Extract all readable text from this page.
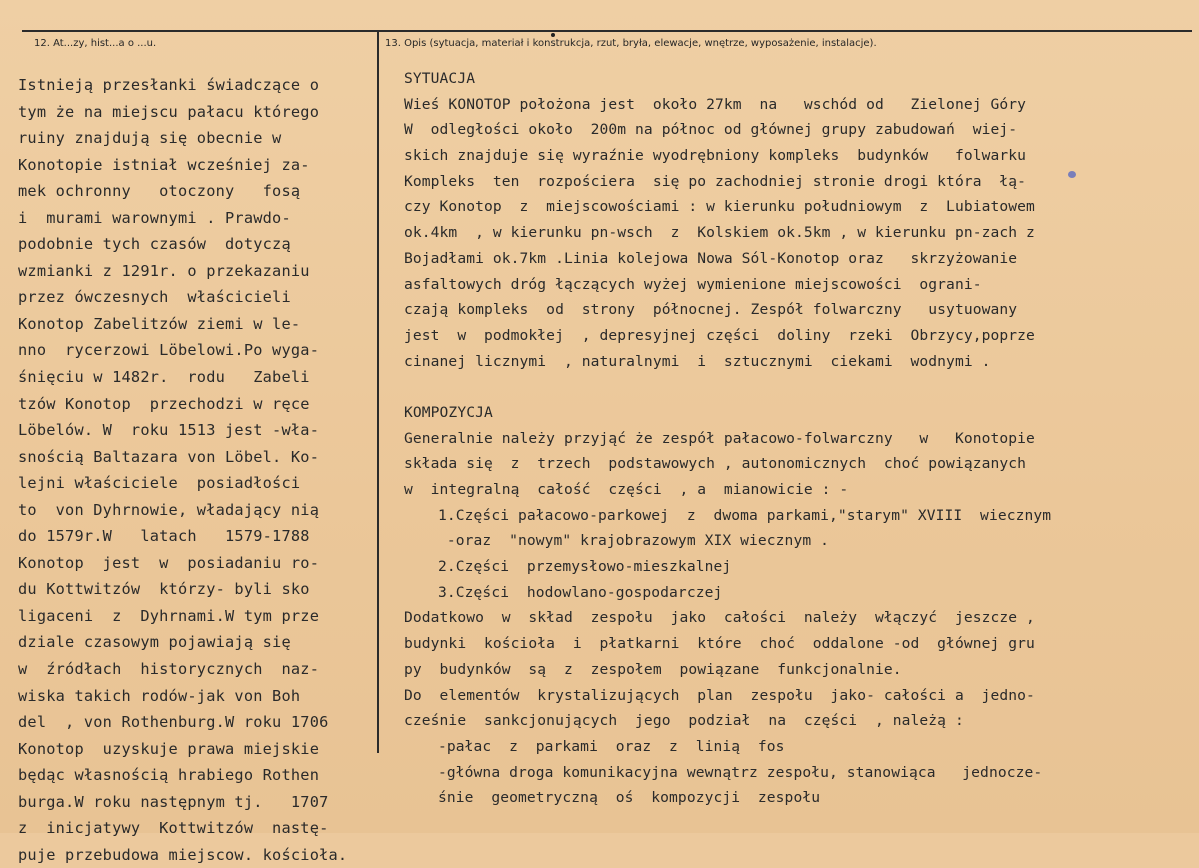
12. At...zy, hist...a o ...u.	13. Opis (sytuacja, materiał i konstrukcja, rzut, bryła, elewacje, wnętrze, wyposażenie, instalacje).
Istnieją przesłanki świadczące o
tym że na miejscu pałacu którego
ruiny znajdują się obecnie w
Konotopie istniał wcześniej za-
mek ochronny   otoczony   fosą
i  murami warownymi . Prawdo-
podobnie tych czasów  dotyczą
wzmianki z 1291r. o przekazaniu
przez ówczesnych  właścicieli
Konotop Zabelitzów ziemi w le-
nno  rycerzowi Löbelowi.Po wyga-
śnięciu w 1482r.  rodu   Zabeli
tzów Konotop  przechodzi w ręce
Löbelów. W  roku 1513 jest -wła-
snością Baltazara von Löbel. Ko-
lejni właściciele  posiadłości
to  von Dyhrnowie, władający nią
do 1579r.W   latach   1579-1788
Konotop  jest  w  posiadaniu ro-
du Kottwitzów  którzy- byli sko
ligaceni  z  Dyhrnami.W tym prze
dziale czasowym pojawiają się
w  źródłach  historycznych  naz-
wiska takich rodów-jak von Boh
del  , von Rothenburg.W roku 1706
Konotop  uzyskuje prawa miejskie
będąc własnością hrabiego Rothen
burga.W roku następnym tj.   1707
z  inicjatywy  Kottwitzów  nastę-
puje przebudowa miejscow. kościoła.
SYTUACJA
Wieś KONOTOP położona jest  około 27km  na   wschód od   Zielonej Góry
W  odległości około  200m na północ od głównej grupy zabudowań  wiej-
skich znajduje się wyraźnie wyodrębniony kompleks  budynków   folwarku
Kompleks  ten  rozpościera  się po zachodniej stronie drogi która  łą-
czy Konotop  z  miejscowościami : w kierunku południowym  z  Lubiatowem
ok.4km  , w kierunku pn-wsch  z  Kolskiem ok.5km , w kierunku pn-zach z
Bojadłami ok.7km .Linia kolejowa Nowa Sól-Konotop oraz   skrzyżowanie
asfaltowych dróg łączących wyżej wymienione miejscowości  ograni-
czają kompleks  od  strony  północnej. Zespół folwarczny   usytuowany
jest  w  podmokłej  , depresyjnej części  doliny  rzeki  Obrzycy,poprze
cinanej licznymi  , naturalnymi  i  sztucznymi  ciekami  wodnymi .
KOMPOZYCJA
Generalnie należy przyjąć że zespół pałacowo-folwarczny   w   Konotopie
składa się  z  trzech  podstawowych , autonomicznych  choć powiązanych
w  integralną  całość  części  , a  mianowicie : -
1.Części pałacowo-parkowej  z  dwoma parkami,"starym" XVIII  wiecznym
-oraz  "nowym" krajobrazowym XIX wiecznym .
2.Części  przemysłowo-mieszkalnej
3.Części  hodowlano-gospodarczej
Dodatkowo  w  skład  zespołu  jako  całości  należy  włączyć  jeszcze ,
budynki  kościoła  i  płatkarni  które  choć  oddalone -od  głównej gru
py  budynków  są  z  zespołem  powiązane  funkcjonalnie.
Do  elementów  krystalizujących  plan  zespołu  jako- całości a  jedno-
cześnie  sankcjonujących  jego  podział  na  części  , należą :
-pałac  z  parkami  oraz  z  linią  fos
-główna droga komunikacyjna wewnątrz zespołu, stanowiąca   jednocze-
śnie  geometryczną  oś  kompozycji  zespołu
